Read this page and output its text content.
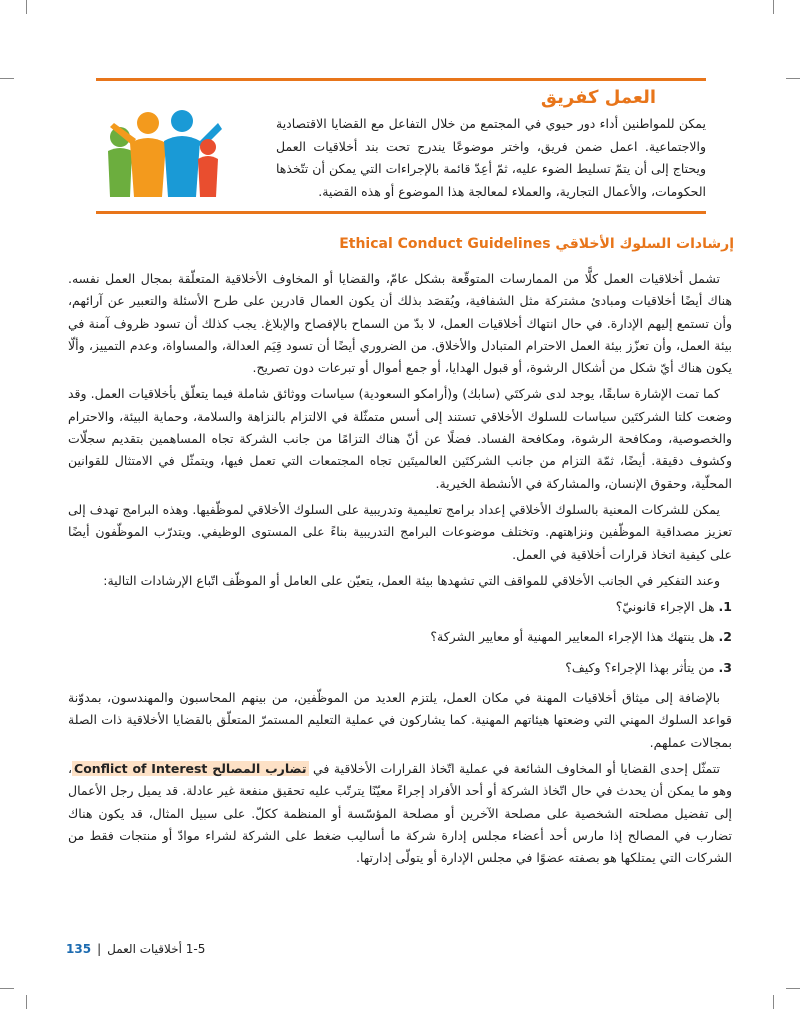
العمل كفريق
يمكن للمواطنين أداء دور حيوي في المجتمع من خلال التفاعل مع القضايا الاقتصادية والاجتماعية. اعمل ضمن فريق، واختر موضوعًا يندرج تحت بند أخلاقيات العمل ويحتاج إلى أن يتمّ تسليط الضوء عليه، ثمّ أعِدّ قائمة بالإجراءات التي يمكن أن تتّخذها الحكومات، والأعمال التجارية، والعملاء لمعالجة هذا الموضوع أو هذه القضية.
إرشادات السلوك الأخلاقي Ethical Conduct Guidelines

تشمل أخلاقيات العمل كلًّا من الممارسات المتوقّعة بشكل عامّ، والقضايا أو المخاوف الأخلاقية المتعلّقة بمجال العمل نفسه. هناك أيضًا أخلاقيات ومبادئ مشتركة مثل الشفافية، ويُقصَد بذلك أن يكون العمال قادرين على طرح الأسئلة والتعبير عن آرائهم، وأن تستمع إليهم الإدارة. في حال انتهاك أخلاقيات العمل، لا بدّ من السماح بالإفصاح والإبلاغ. يجب كذلك أن تسود ظروف آمنة في بيئة العمل، وأن تعزّز بيئة العمل الاحترام المتبادل والأخلاق. من الضروري أيضًا أن تسود قِيَم العدالة، والمساواة، وعدم التمييز، وألّا يكون هناك أيّ شكل من أشكال الرشوة، أو قبول الهدايا، أو جمع أموال أو تبرعات دون تصريح.

كما تمت الإشارة سابقًا، يوجد لدى شركتَي (سابك) و(أرامكو السعودية) سياسات ووثائق شاملة فيما يتعلّق بأخلاقيات العمل. وقد وضعت كلتا الشركتَين سياسات للسلوك الأخلاقي تستند إلى أسس متمثّلة في الالتزام بالنزاهة والسلامة، وحماية البيئة، والاحترام والخصوصية، ومكافحة الرشوة، ومكافحة الفساد. فضلًا عن أنّ هناك التزامًا من جانب الشركة تجاه المساهمين بتقديم سجلّات وكشوف دقيقة. أيضًا، ثمّة التزام من جانب الشركتَين العالميتَين تجاه المجتمعات التي تعمل فيها، ويتمثّل في الامتثال للقوانين المحلّية، وحقوق الإنسان، والمشاركة في الأنشطة الخيرية.

يمكن للشركات المعنية بالسلوك الأخلاقي إعداد برامج تعليمية وتدريبية على السلوك الأخلاقي لموظّفيها. وهذه البرامج تهدف إلى تعزيز مصداقية الموظّفين ونزاهتهم. وتختلف موضوعات البرامج التدريبية بناءً على المستوى الوظيفي. ويتدرّب الموظّفون أيضًا على كيفية اتخاذ قرارات أخلاقية في العمل.

وعند التفكير في الجانب الأخلاقي للمواقف التي تشهدها بيئة العمل، يتعيّن على العامل أو الموظّف اتّباع الإرشادات التالية:

1. هل الإجراء قانونيّ؟

2. هل ينتهك هذا الإجراء المعايير المهنية أو معايير الشركة؟

3. من يتأثر بهذا الإجراء؟ وكيف؟

بالإضافة إلى ميثاق أخلاقيات المهنة في مكان العمل، يلتزم العديد من الموظّفين، من بينهم المحاسبون والمهندسون، بمدوّنة قواعد السلوك المهني التي وضعتها هيئاتهم المهنية. كما يشاركون في عملية التعليم المستمرّ المتعلّق بالقضايا الأخلاقية ذات الصلة بمجالات عملهم.

تتمثّل إحدى القضايا أو المخاوف الشائعة في عملية اتّخاذ القرارات الأخلاقية في تضارب المصالح Conflict of Interest، وهو ما يمكن أن يحدث في حال اتّخاذ الشركة أو أحد الأفراد إجراءً معيّنًا يترتّب عليه تحقيق منفعة غير عادلة. قد يميل رجل الأعمال إلى تفضيل مصلحته الشخصية على مصلحة الآخرين أو مصلحة المؤسّسة أو المنظمة ككلّ. على سبيل المثال، قد يكون هناك تضارب في المصالح إذا مارس أحد أعضاء مجلس إدارة شركة ما أساليب ضغط على الشركة لشراء موادّ أو منتجات فقط من الشركات التي يمتلكها هو بصفته عضوًا في مجلس الإدارة أو يتولّى إدارتها.

135 | 1-5 أخلاقيات العمل
